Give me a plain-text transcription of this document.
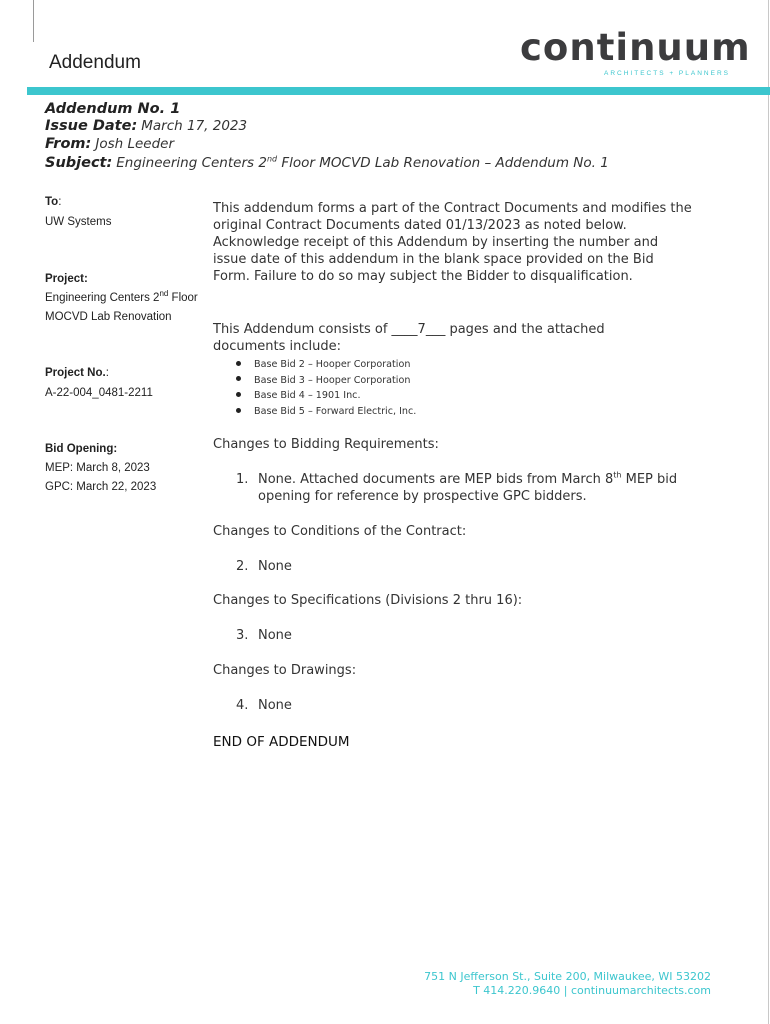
Addendum	continuum
ARCHITECTS + PLANNERS
Addendum No. 1
Issue Date: March 17, 2023
From: Josh Leeder
Subject: Engineering Centers 2nd Floor MOCVD Lab Renovation – Addendum No. 1
To:
UW Systems
Project:
Engineering Centers 2nd Floor
MOCVD Lab Renovation
Project No.:
A-22-004_0481-2211
Bid Opening:
MEP: March 8, 2023
GPC: March 22, 2023
This addendum forms a part of the Contract Documents and modifies the original Contract Documents dated 01/13/2023 as noted below. Acknowledge receipt of this Addendum by inserting the number and issue date of this addendum in the blank space provided on the Bid Form. Failure to do so may subject the Bidder to disqualification.
This Addendum consists of ____7___ pages and the attached
documents include:
Base Bid 2 – Hooper Corporation
Base Bid 3 – Hooper Corporation
Base Bid 4 – 1901 Inc.
Base Bid 5 – Forward Electric, Inc.
Changes to Bidding Requirements:
1. None. Attached documents are MEP bids from March 8th MEP bid opening for reference by prospective GPC bidders.
Changes to Conditions of the Contract:
2. None
Changes to Specifications (Divisions 2 thru 16):
3. None
Changes to Drawings:
4. None
END OF ADDENDUM
751 N Jefferson St., Suite 200, Milwaukee, WI 53202
T 414.220.9640 | continuumarchitects.com
